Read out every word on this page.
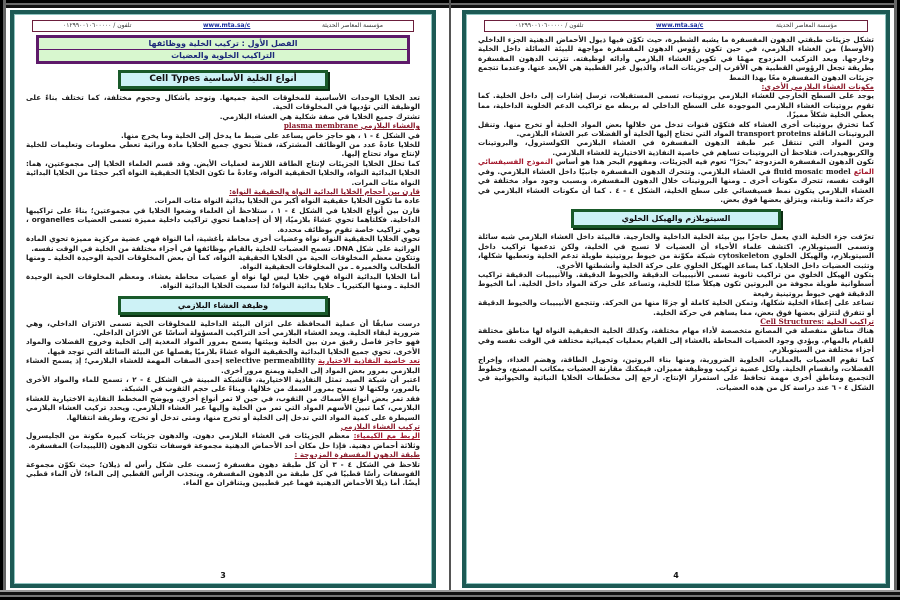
مؤسسة المعاصر الحديثة
www.mta.sa/c
تلفون / ٠١٢٩٩٠٠١٠٦٠٠٠٠٠
الفصل الأول : تركيب الخلية ووظائفها
التراكيب الخلوية والعضيات
أنواع الخلية الأساسية Cell Types

تعد الخلايا الوحدات الأساسية للمخلوقات الحية جميعها. وتوجد بأشكال وحجوم مختلفة، كما تختلف بناءً على الوظيفة التي تؤديها في المخلوقات الحية.

تشترك جميع الخلايا في صفة شكلية هي الغشاء البلازمي.

والغشاء البلازمي plasma membrane

في الشكل ٤ - ١ ، هو حاجز خاص يساعد على ضبط ما يدخل إلى الخلية وما يخرج منها.

للخلايا عادةً عدد من الوظائف المشتركة، فمثلاً تحوي جميع الخلايا مادة وراثية تعطي معلومات وتعليمات للخلية لإنتاج مواد تحتاج إليها.

كما تحلل الخلايا الجزيئات لإنتاج الطاقة اللازمة لعمليات الأيض. وقد قسم العلماء الخلايا إلى مجموعتين، هما: الخلايا البدائية النواة، والخلايا الحقيقية النواة، وعادةً ما تكون الخلايا الحقيقية النواة أكبر حجمًا من الخلايا البدائية النواة مئات المرات.

قارن بين أحجام الخلايا البدائية النواة والحقيقية النواة:

عادة ما تكون الخلايا حقيقية النواة أكبر من الخلايا بدائية النواة مئات المرات.

قارن بين أنواع الخلايا في الشكل ٤ - ١ ، ستلاحظ أن العلماء وضعوا الخلايا في مجموعتين؛ بناءً على تراكيبها الداخلية. فكلتاهما تحوي غشاءً بلازميًا، إلا أن إحداهما تحوي تراكيب داخلية مميزة تسمى العضيات organelles ، وهي تراكيب خاصة تقوم بوظائف محددة.

تحوي الخلايا الحقيقية النواة نواة وعضيات أخرى محاطة بأغشية، أما النواة فهي عضية مركزية مميزة تحوي المادة الوراثية على شكل DNA. تسمح العضيات للخلية بالقيام بوظائفها في أجزاء مختلفة من الخلية في الوقت نفسه.

وتتكون معظم المخلوقات الحية من الخلايا الحقيقية النواة، كما أن بعض المخلوقات الحية الوحيدة الخلية ـ ومنها الطحالب والخميرة ـ من المخلوقات الحقيقية النواة.

أما الخلايا البدائية النواة فهي خلايا ليس لها نواة أو عضيات محاطة بغشاء. ومعظم المخلوقات الحية الوحيدة الخلية ـ ومنها البكتيريا ـ خلايا بدائية النواة؛ لذا سميت الخلايا البدائية النواة.

وظيفة الغشاء البلازمي

درست سابقًا أن عملية المحافظة على اتزان البيئة الداخلية للمخلوقات الحية تسمى الاتزان الداخلي، وهي ضرورية لبقاء الخلية. ويعد الغشاء البلازمي أحد التراكيب المسؤولة أساسًا عن الاتزان الداخلي.

فهو حاجز فاصل رقيق مرن بين الخلية وبيئتها يسمح بمرور المواد المغذية إلى الخلية وخروج الفضلات والمواد الأخرى. تحوي جميع الخلايا البدائية والحقيقية النواة غشاءً بلازميًا يفصلها عن البيئة السائلة التي توجد فيها.

تعد خاصية النفاذية الاختيارية selective permeability إحدى الصفات المهمة للغشاء البلازمي؛ إذ يسمح الغشاء البلازمي بمرور بعض المواد إلى الخلية ويمنع مرور أخرى.

اعتبر أن شبكة الصيد تمثل النفاذية الاختيارية، فالشبكة المبينة في الشكل ٤ - ٢ ، تسمح للماء والمواد الأخرى بالمرور، ولكنها لا تسمح بمرور السمك من خلالها. وبناءً على حجم الثقوب في الشبكة.

فقد تمر بعض أنواع الأسماك من الثقوب، في حين لا تمر أنواع أخرى. ويوضح المخطط النفاذية الاختيارية للغشاء البلازمي، كما تبين الأسهم المواد التي تمر من الخلية وإليها عبر الغشاء البلازمي. ويحدد تركيب الغشاء البلازمي السيطرة على كمية المواد التي تدخل إلى الخلية أو تخرج منها، ومتى تدخل أو تخرج، وطريقة انتقالها.

تركيب الغشاء البلازمي

الربط مع الكيمياء: معظم الجزيئات في الغشاء البلازمي دهون. والدهون جزيئات كبيرة مكونة من الجليسرول وثلاثة أحماض دهنية. فإذا حل مكان أحد الأحماض الدهنية مجموعة فوسفات تتكون الدهون (الليبيدات) المفسفرة.

طبقة الدهون المفسفرة المزدوجة :

تلاحظ في الشكل ٤ - ٣ أن كل طبقة دهون مفسفرة رُسمت على شكل رأس له ذيلان؛ حيث تكوّن مجموعة الفوسفات رأسًا قطبيًا في كل طبقة من الدهون المفسفرة. وينجذب الرأس القطبي إلى الماء؛ لأن الماء قطبي أيضًا. أما ذيلا الأحماض الدهنية فهما غير قطبيين ويتنافران مع الماء.

3
مؤسسة المعاصر الحديثة
www.mta.sa/c
تلفون / ٠١٢٩٩٠٠١٠٦٠٠٠٠٠

تشكل جزيئات طبقتي الدهون المفسفرة ما يشبه الشطيرة، حيث تكوّن فيها ذيول الأحماض الدهنية الجزء الداخلي (الأوسط) من الغشاء البلازمي، في حين تكون رؤوس الدهون المفسفرة مواجهة للبيئة السائلة داخل الخلية وخارجها. ويعد التركيب المزدوج مهمًا في تكوين الغشاء البلازمي وأدائه لوظيفته. تترتب الدهون المفسفرة بطريقة تجعل الرؤوس القطبية هي الأقرب إلى جزيئات الماء، والذيول غير القطبية هي الأبعد عنها. وعندما تتجمع جزيئات الدهون المفسفرة معًا بهذا النمط

مكونات الغشاء البلازمي الأخرى:

يوجد على السطح الخارجي للغشاء البلازمي بروتينات، تسمى المستقبلات، ترسل إشارات إلى داخل الخلية. كما تقوم بروتينات الغشاء البلازمي الموجودة على السطح الداخلي له بربطه مع تراكيب الدعم الخلوية الداخلية، مما يعطي الخلية شكلاً مميزًا.

كما تخترق بروتينات أخرى الغشاء كله فتكوّن قنوات تدخل من خلالها بعض المواد الخلية أو تخرج منها. وتنقل البروتينات الناقلة transport proteins المواد التي تحتاج إليها الخلية أو الفضلات عبر الغشاء البلازمي.

ومن المواد التي تنتقل عبر طبقة الدهون المفسفرة في الغشاء البلازمي الكولسترول، والبروتينات والكربوهيدرات. فتلاحظ أن البروتينات تساهم في خاصية النفاذية الاختيارية للغشاء البلازمي.

تكون الدهون المفسفرة المزدوجة "بحرًا" تعوم فيه الجزيئات. ومفهوم البحر هذا هو أساس النموذج الفسيفسائي المائع fluid mosaic model في الغشاء البلازمي. وتتحرك الدهون المفسفرة جانبيًا داخل الغشاء البلازمي. وفي الوقت نفسه، تتحرك مكونات أخرى ـ ومنها البروتينات خلال الدهون المفسفرة. وبسبب وجود مواد مختلفة في الغشاء البلازمي يتكون نمط فسيفسائي على سطح الخلية، الشكل ٤ - ٤ . كما أن مكونات الغشاء البلازمي في حركة دائمة وثابتة، ويتزلق بعضها فوق بعض.

السيتوبلازم والهيكل الخلوي

تعرّفت جزء الخلية الذي يعمل حاجزًا بين بيئة الخلية الداخلية والخارجية. فالبيئة داخل الغشاء البلازمي شبه سائلة وتسمى السيتوبلازم. اكتشف علماء الأحياء أن العضيات لا تسبح في الخلية، ولكن تدعمها تراكيب داخل السيتوبلازم، والهيكل الخلوي cytoskeleton شبكة مكوّنة من خيوط بروتينية طويلة تدعم الخلية وتعطيها شكلها، وتثبت العضيات داخل الخلايا. كما يساعد الهيكل الخلوي على حركة الخلية وأنشطتها الأخرى.

يتكون الهيكل الخلوي من تراكيب ثانوية تسمى الأنيبيبات الدقيقة والخيوط الدقيقة. والأنيبيبات الدقيقة تراكيب أسطوانية طويلة مجوفة من البروتين تكون هيكلاً صلبًا للخلية، وتساعد على حركة المواد داخل الخلية. أما الخيوط الدقيقة فهي خيوط بروتينية رفيعة

تساعد على إعطاء الخلية شكلها، وتمكن الخلية كاملة أو جزءًا منها من الحركة. وتتجمع الأنيبيبات والخيوط الدقيقة أو تتفرق لتتزلق بعضها فوق بعض، مما يساهم في حركة الخلية.

تراكيب الخلية Cell Structures:

هناك مناطق منفصلة في المصانع متخصصة لأداء مهام مختلفة، وكذلك الخلية الحقيقية النواة لها مناطق مختلفة للقيام بالمهام. ويؤدي وجود العضيات المحاطة بالغشاء إلى القيام بعمليات كيميائية مختلفة في الوقت نفسه وفي أجزاء مختلفة من السيتوبلازم.

كما تقوم العضيات بالعمليات الخلوية الضرورية، ومنها بناء البروتين، وتحويل الطاقة، وهضم الغذاء، وإخراج الفضلات، وانقسام الخلية. ولكل عضية تركيب ووظيفة مميزان. فيمكنك مقارنة العضيات بمكاتب المصنع، وخطوط التجميع ومناطق أخرى مهمة تحافظ على استمرار الإنتاج. ارجع إلى مخططات الخلايا النباتية والحيوانية في الشكل ٤ - ٦ عند دراسة كل من هذه العضيات.

4
